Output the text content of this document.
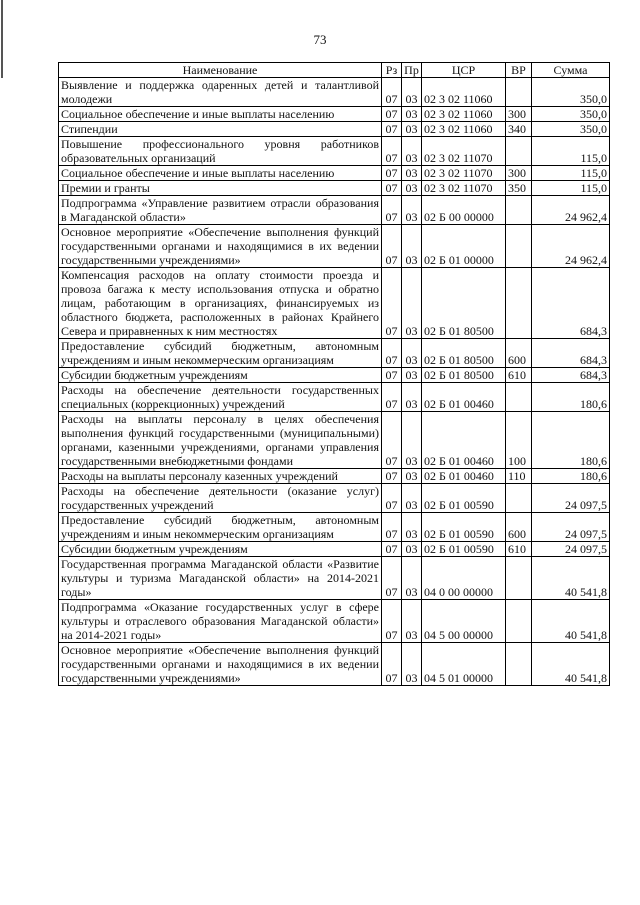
73
Наименование	Рз	Пр	ЦСР	ВР	Сумма
Выявление и поддержка одаренных детей и талантливой молодежи	07	03	02 3 02 11060		350,0
Социальное обеспечение и иные выплаты населению	07	03	02 3 02 11060	300	350,0
Стипендии	07	03	02 3 02 11060	340	350,0
Повышение профессионального уровня работников образовательных организаций	07	03	02 3 02 11070		115,0
Социальное обеспечение и иные выплаты населению	07	03	02 3 02 11070	300	115,0
Премии и гранты	07	03	02 3 02 11070	350	115,0
Подпрограмма «Управление развитием отрасли образования в Магаданской области»	07	03	02 Б 00 00000		24 962,4
Основное мероприятие «Обеспечение выполнения функций государственными органами и находящимися в их ведении государственными учреждениями»	07	03	02 Б 01 00000		24 962,4
Компенсация расходов на оплату стоимости проезда и провоза багажа к месту использования отпуска и обратно лицам, работающим в организациях, финансируемых из областного бюджета, расположенных в районах Крайнего Севера и приравненных к ним местностях	07	03	02 Б 01 80500		684,3
Предоставление субсидий бюджетным, автономным учреждениям и иным некоммерческим организациям	07	03	02 Б 01 80500	600	684,3
Субсидии бюджетным учреждениям	07	03	02 Б 01 80500	610	684,3
Расходы на обеспечение деятельности государственных специальных (коррекционных) учреждений	07	03	02 Б 01 00460		180,6
Расходы на выплаты персоналу в целях обеспечения выполнения функций государственными (муниципальными) органами, казенными учреждениями, органами управления государственными внебюджетными фондами	07	03	02 Б 01 00460	100	180,6
Расходы на выплаты персоналу казенных учреждений	07	03	02 Б 01 00460	110	180,6
Расходы на обеспечение деятельности (оказание услуг) государственных учреждений	07	03	02 Б 01 00590		24 097,5
Предоставление субсидий бюджетным, автономным учреждениям и иным некоммерческим организациям	07	03	02 Б 01 00590	600	24 097,5
Субсидии бюджетным учреждениям	07	03	02 Б 01 00590	610	24 097,5
Государственная программа Магаданской области «Развитие культуры и туризма Магаданской области» на 2014-2021 годы»	07	03	04 0 00 00000		40 541,8
Подпрограмма «Оказание государственных услуг в сфере культуры и отраслевого образования Магаданской области» на 2014-2021 годы»	07	03	04 5 00 00000		40 541,8
Основное мероприятие «Обеспечение выполнения функций государственными органами и находящимися в их ведении государственными учреждениями»	07	03	04 5 01 00000		40 541,8
